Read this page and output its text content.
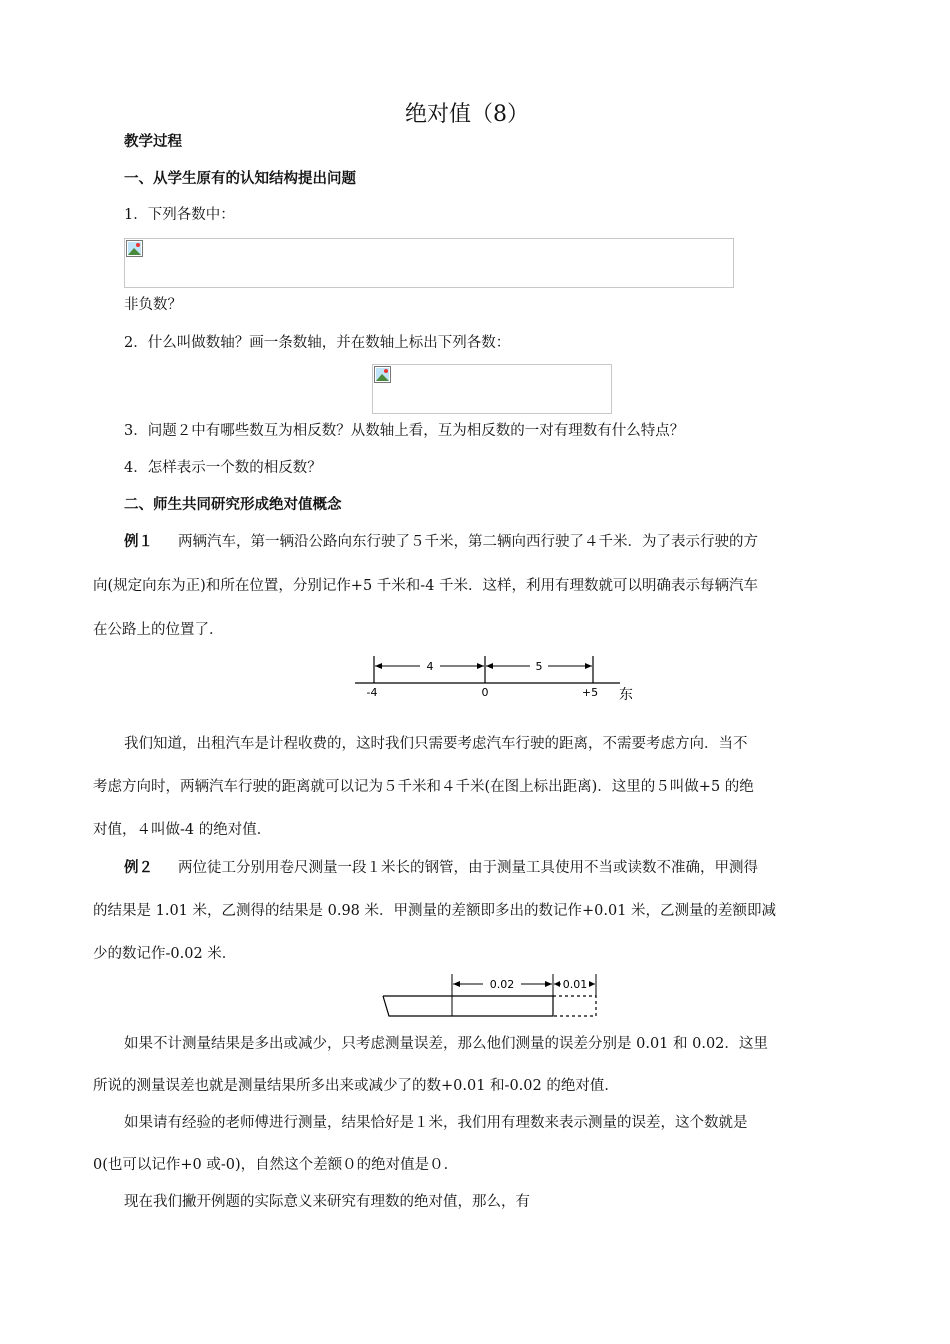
绝对值（8）
教学过程
一、从学生原有的认知结构提出问题
1．下列各数中：
非负数？
2．什么叫做数轴？画一条数轴，并在数轴上标出下列各数：
3．问题２中有哪些数互为相反数？从数轴上看，互为相反数的一对有理数有什么特点？
4．怎样表示一个数的相反数？
二、师生共同研究形成绝对值概念
例１ 两辆汽车，第一辆沿公路向东行驶了５千米，第二辆向西行驶了４千米．为了表示行驶的方
向(规定向东为正)和所在位置，分别记作+5 千米和-4 千米．这样，利用有理数就可以明确表示每辆汽车
在公路上的位置了．
4	5
-4	0	+5 东
我们知道，出租汽车是计程收费的，这时我们只需要考虑汽车行驶的距离，不需要考虑方向．当不
考虑方向时，两辆汽车行驶的距离就可以记为５千米和４千米(在图上标出距离)．这里的５叫做+5 的绝
对值，４叫做-4 的绝对值．
例２ 两位徒工分别用卷尺测量一段１米长的钢管，由于测量工具使用不当或读数不准确，甲测得
的结果是 1.01 米，乙测得的结果是 0.98 米．甲测量的差额即多出的数记作+0.01 米，乙测量的差额即减
少的数记作-0.02 米．
0.02	0.01
如果不计测量结果是多出或减少，只考虑测量误差，那么他们测量的误差分别是 0.01 和 0.02．这里
所说的测量误差也就是测量结果所多出来或减少了的数+0.01 和-0.02 的绝对值．
如果请有经验的老师傅进行测量，结果恰好是１米，我们用有理数来表示测量的误差，这个数就是
0(也可以记作+0 或-0)，自然这个差额０的绝对值是０．
现在我们撇开例题的实际意义来研究有理数的绝对值，那么，有
